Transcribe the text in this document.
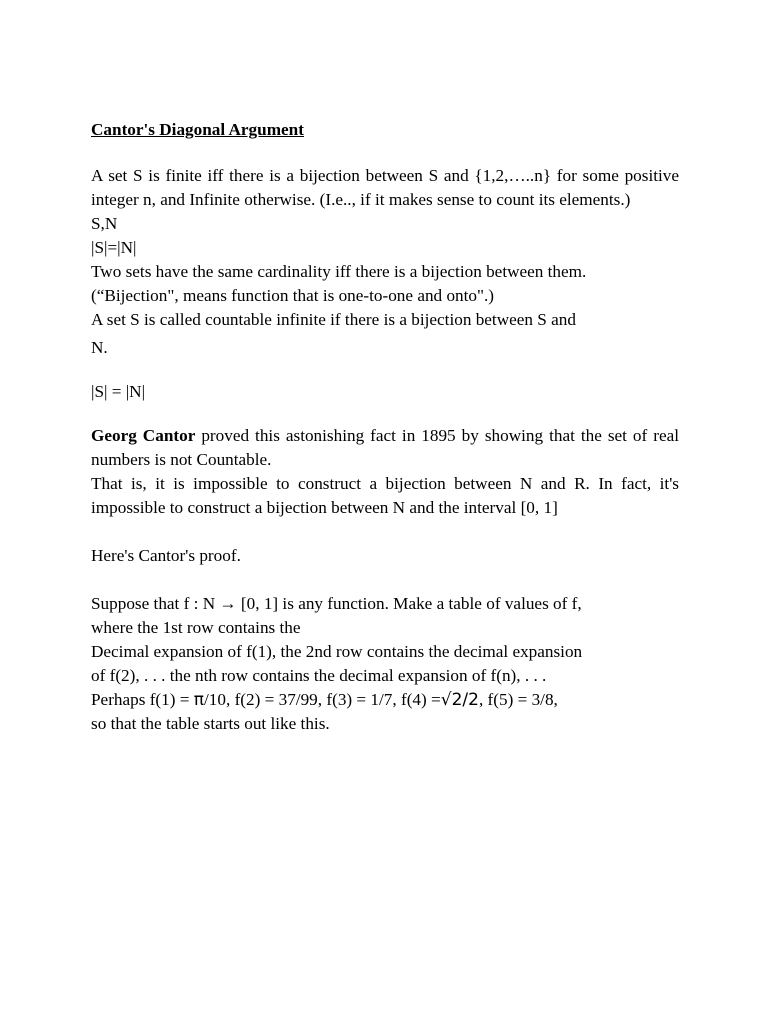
Cantor's Diagonal Argument

A set S is finite iff there is a bijection between S and {1,2,…..n} for some positive integer n, and Infinite otherwise. (I.e.., if it makes sense to count its elements.)

S,N

|S|=|N|

Two sets have the same cardinality iff there is a bijection between them.

(“Bijection", means function that is one-to-one and onto".)

A set S is called countable infinite if there is a bijection between S and

N.

|S| = |N|

Georg Cantor proved this astonishing fact in 1895 by showing that the set of real numbers is not Countable.

That is, it is impossible to construct a bijection between N and R. In fact, it's impossible to construct a bijection between N and the interval [0, 1]

Here's Cantor's proof.

Suppose that f : N → [0, 1] is any function. Make a table of values of f,

where the 1st row contains the

Decimal expansion of f(1), the 2nd row contains the decimal expansion

of f(2), . . . the nth row contains the decimal expansion of f(n), . . .

Perhaps f(1) = π/10, f(2) = 37/99, f(3) = 1/7, f(4) =√2/2, f(5) = 3/8,

so that the table starts out like this.
